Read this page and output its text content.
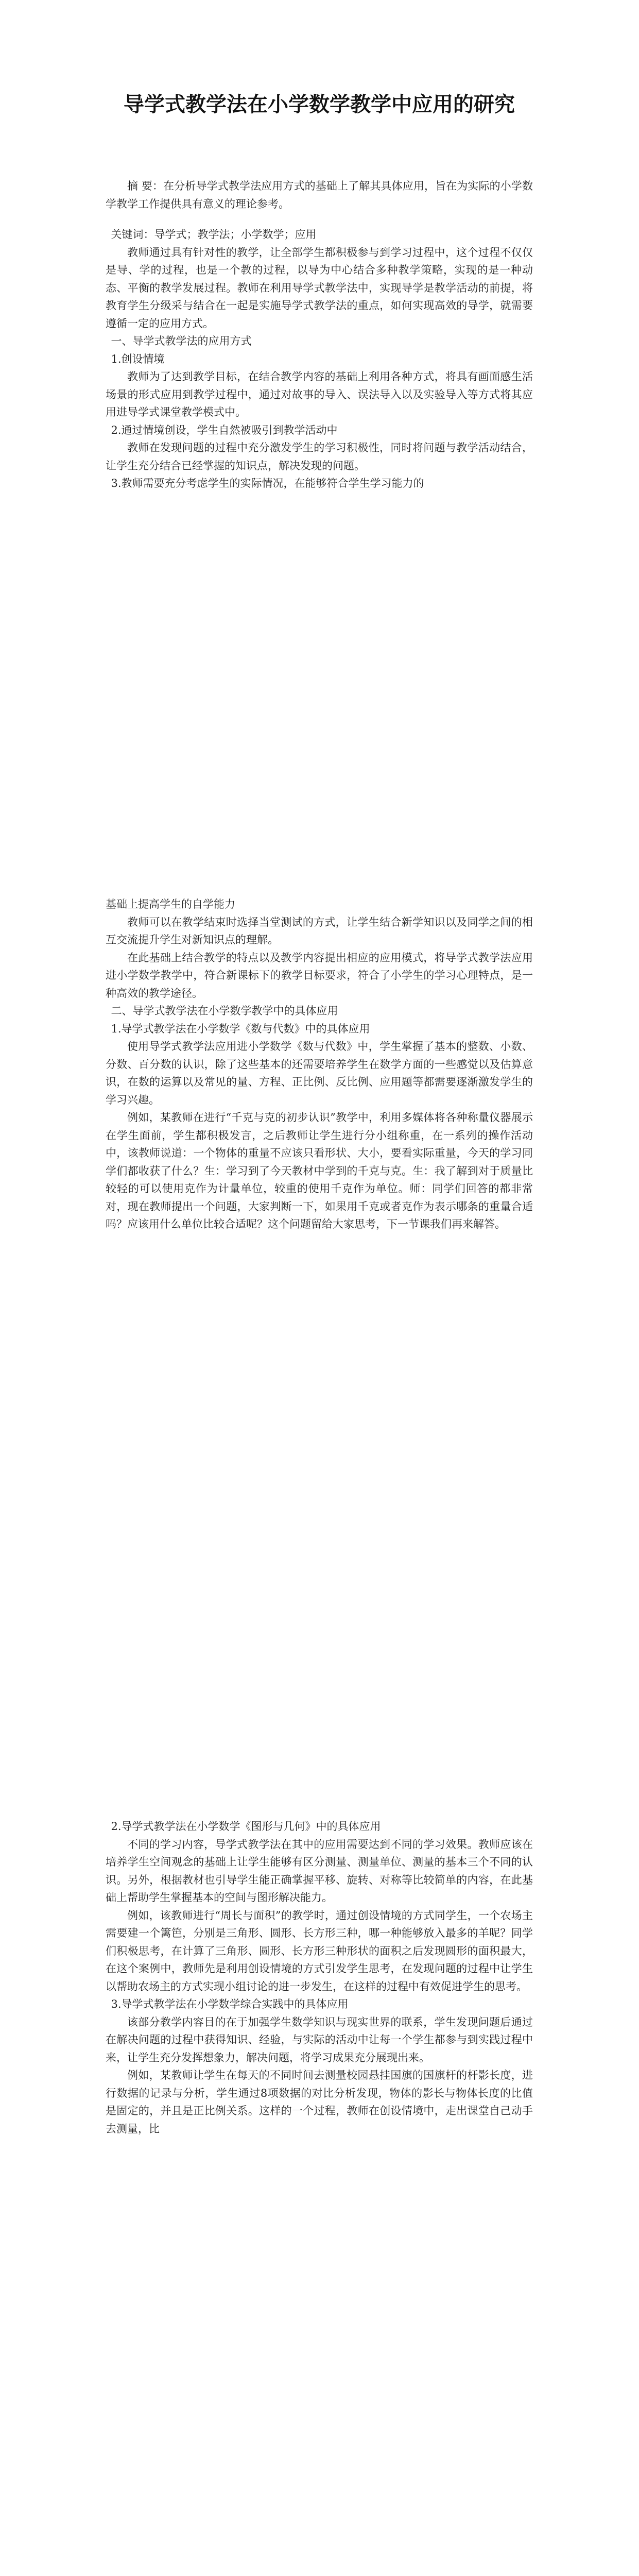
导学式教学法在小学数学教学中应用的研究

摘 要：在分析导学式教学法应用方式的基础上了解其具体应用，旨在为实际的小学数学教学工作提供具有意义的理论参考。

关键词：导学式；教学法；小学数学；应用

教师通过具有针对性的教学，让全部学生都积极参与到学习过程中，这个过程不仅仅是导、学的过程，也是一个教的过程，以导为中心结合多种教学策略，实现的是一种动态、平衡的教学发展过程。教师在利用导学式教学法中，实现导学是教学活动的前提，将教育学生分级采与结合在一起是实施导学式教学法的重点，如何实现高效的导学，就需要遵循一定的应用方式。

一、导学式教学法的应用方式
1.创设情境

教师为了达到教学目标，在结合教学内容的基础上利用各种方式，将具有画面感生活场景的形式应用到教学过程中，通过对故事的导入、误法导入以及实验导入等方式将其应用进导学式课堂教学模式中。

2.通过情境创设，学生自然被吸引到教学活动中

教师在发现问题的过程中充分激发学生的学习积极性，同时将问题与教学活动结合，让学生充分结合已经掌握的知识点，解决发现的问题。

3.教师需要充分考虑学生的实际情况，在能够符合学生学习能力的

基础上提高学生的自学能力

教师可以在教学结束时选择当堂测试的方式，让学生结合新学知识以及同学之间的相互交流提升学生对新知识点的理解。

在此基础上结合教学的特点以及教学内容提出相应的应用模式，将导学式教学法应用进小学数学教学中，符合新课标下的教学目标要求，符合了小学生的学习心理特点，是一种高效的教学途径。

二、导学式教学法在小学数学教学中的具体应用
1.导学式教学法在小学数学《数与代数》中的具体应用

使用导学式教学法应用进小学数学《数与代数》中，学生掌握了基本的整数、小数、分数、百分数的认识，除了这些基本的还需要培养学生在数学方面的一些感觉以及估算意识，在数的运算以及常见的量、方程、正比例、反比例、应用题等都需要逐渐激发学生的学习兴趣。

例如，某教师在进行“千克与克的初步认识”教学中，利用多媒体将各种称量仪器展示在学生面前，学生都积极发言，之后教师让学生进行分小组称重，在一系列的操作活动中，该教师说道：一个物体的重量不应该只看形状、大小，要看实际重量，今天的学习同学们都收获了什么？生：学习到了今天教材中学到的千克与克。生：我了解到对于质量比较轻的可以使用克作为计量单位，较重的使用千克作为单位。师：同学们回答的都非常对，现在教师提出一个问题，大家判断一下，如果用千克或者克作为表示哪条的重量合适吗？应该用什么单位比较合适呢？这个问题留给大家思考，下一节课我们再来解答。

2.导学式教学法在小学数学《图形与几何》中的具体应用

不同的学习内容，导学式教学法在其中的应用需要达到不同的学习效果。教师应该在培养学生空间观念的基础上让学生能够有区分测量、测量单位、测量的基本三个不同的认识。另外，根据教材也引导学生能正确掌握平移、旋转、对称等比较简单的内容，在此基础上帮助学生掌握基本的空间与图形解决能力。

例如，该教师进行“周长与面积”的教学时，通过创设情境的方式同学生，一个农场主需要建一个篱笆，分别是三角形、圆形、长方形三种，哪一种能够放入最多的羊呢？同学们积极思考，在计算了三角形、圆形、长方形三种形状的面积之后发现圆形的面积最大，在这个案例中，教师先是利用创设情境的方式引发学生思考，在发现问题的过程中让学生以帮助农场主的方式实现小组讨论的进一步发生，在这样的过程中有效促进学生的思考。

3.导学式教学法在小学数学综合实践中的具体应用

该部分教学内容目的在于加强学生数学知识与现实世界的联系，学生发现问题后通过在解决问题的过程中获得知识、经验，与实际的活动中让每一个学生都参与到实践过程中来，让学生充分发挥想象力，解决问题，将学习成果充分展现出来。

例如，某教师让学生在每天的不同时间去测量校园悬挂国旗的国旗杆的杆影长度，进行数据的记录与分析，学生通过8项数据的对比分析发现，物体的影长与物体长度的比值是固定的，并且是正比例关系。这样的一个过程，教师在创设情境中，走出课堂自己动手去测量，比
